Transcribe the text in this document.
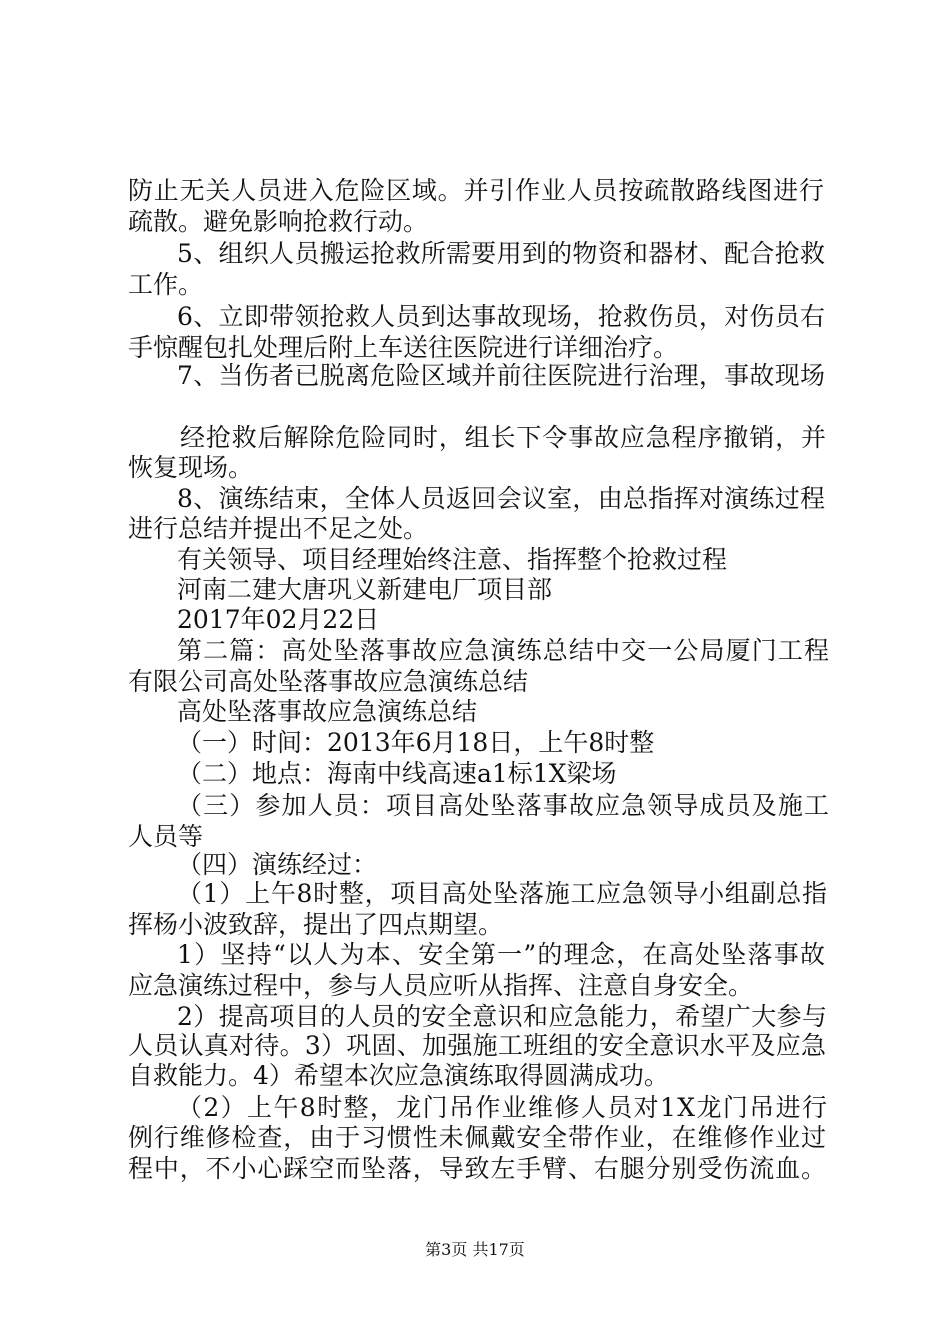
防止无关人员进入危险区域。并引作业人员按疏散路线图进行

疏散。避免影响抢救行动。

5、组织人员搬运抢救所需要用到的物资和器材、配合抢救

工作。

6、立即带领抢救人员到达事故现场，抢救伤员，对伤员右

手惊醒包扎处理后附上车送往医院进行详细治疗。

7、当伤者已脱离危险区域并前往医院进行治理，事故现场

经抢救后解除危险同时，组长下令事故应急程序撤销，并

恢复现场。

8、演练结束，全体人员返回会议室，由总指挥对演练过程

进行总结并提出不足之处。

有关领导、项目经理始终注意、指挥整个抢救过程

河南二建大唐巩义新建电厂项目部

2017年02月22日

第二篇：高处坠落事故应急演练总结中交一公局厦门工程

有限公司高处坠落事故应急演练总结

高处坠落事故应急演练总结

（一）时间：2013年6月18日，上午8时整

（二）地点：海南中线高速a1标1X梁场

（三）参加人员：项目高处坠落事故应急领导成员及施工

人员等

（四）演练经过：

（1）上午8时整，项目高处坠落施工应急领导小组副总指

挥杨小波致辞，提出了四点期望。

1）坚持“以人为本、安全第一”的理念，在高处坠落事故

应急演练过程中，参与人员应听从指挥、注意自身安全。

2）提高项目的人员的安全意识和应急能力，希望广大参与

人员认真对待。3）巩固、加强施工班组的安全意识水平及应急

自救能力。4）希望本次应急演练取得圆满成功。

（2）上午8时整，龙门吊作业维修人员对1X龙门吊进行

例行维修检查，由于习惯性未佩戴安全带作业，在维修作业过

程中，不小心踩空而坠落，导致左手臂、右腿分别受伤流血。

第3页 共17页
